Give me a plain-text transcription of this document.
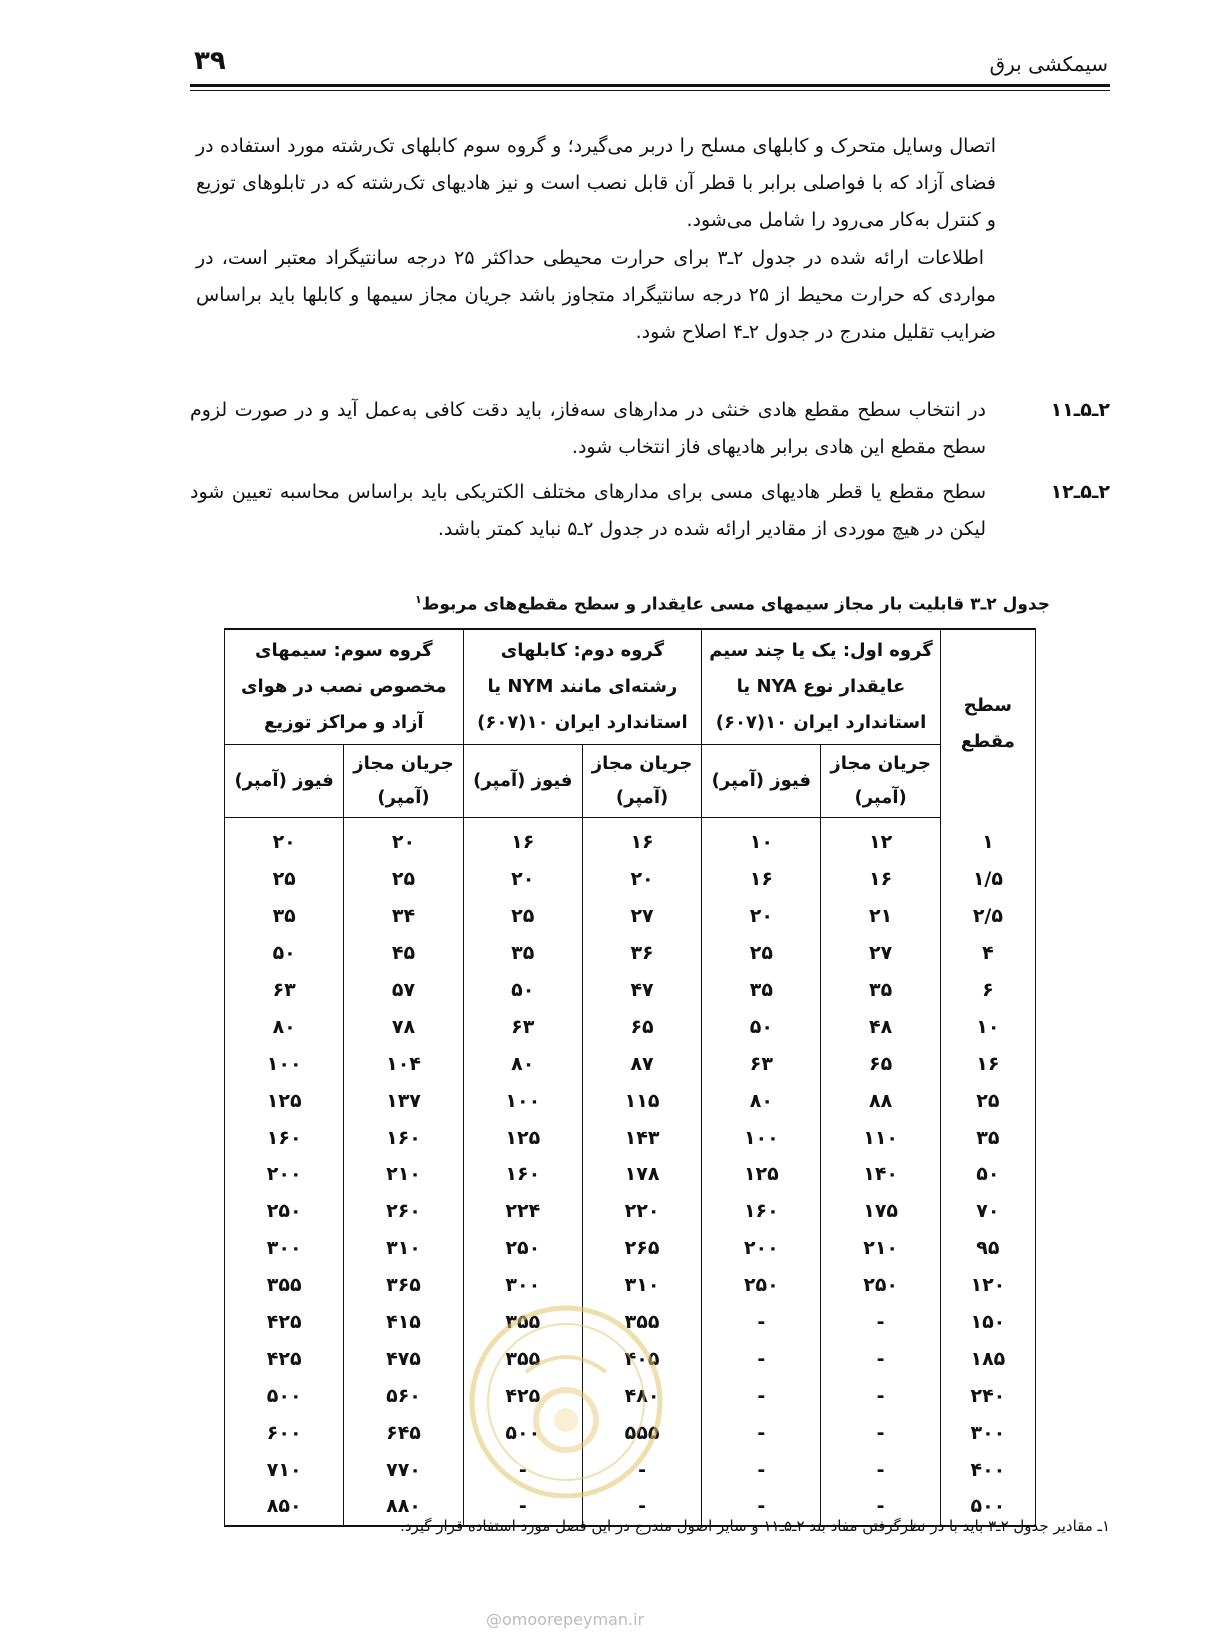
۳۹	سیمکشی برق
اتصال وسایل متحرک و کابلهای مسلح را دربر می‌گیرد؛ و گروه سوم کابلهای تک‌رشته مورد استفاده در فضای آزاد که با فواصلی برابر با قطر آن قابل نصب است و نیز هادیهای تک‌رشته که در تابلوهای توزیع و کنترل به‌کار می‌رود را شامل می‌شود.
اطلاعات ارائه شده در جدول ۲ـ۳ برای حرارت محیطی حداکثر ۲۵ درجه سانتیگراد معتبر است، در مواردی که حرارت محیط از ۲۵ درجه سانتیگراد متجاوز باشد جریان مجاز سیمها و کابلها باید براساس ضرایب تقلیل مندرج در جدول ۲ـ۴ اصلاح شود.
۲ـ۵ـ۱۱
در انتخاب سطح مقطع هادی خنثی در مدارهای سه‌فاز، باید دقت کافی به‌عمل آید و در صورت لزوم سطح مقطع این هادی برابر هادیهای فاز انتخاب شود.
۲ـ۵ـ۱۲
سطح مقطع یا قطر هادیهای مسی برای مدارهای مختلف الکتریکی باید براساس محاسبه تعیین شود لیکن در هیچ موردی از مقادیر ارائه شده در جدول ۲ـ۵ نباید کمتر باشد.
جدول ۲ـ۳ قابلیت بار مجاز سیمهای مسی عایقدار و سطح مقطع‌های مربوط$^۱$
سطح مقطع	گروه اول: یک یا چند سیم عایقدار نوع NYA یا استاندارد ایران ۱۰(۶۰۷)		گروه دوم: کابلهای رشته‌ای مانند NYM یا استاندارد ایران ۱۰(۶۰۷)		گروه سوم: سیمهای مخصوص نصب در هوای آزاد و مراکز توزیع	
	جریان مجاز (آمپر)	فیوز (آمپر)	جریان مجاز (آمپر)	فیوز (آمپر)	جریان مجاز (آمپر)	فیوز (آمپر)
۱	۱۲	۱۰	۱۶	۱۶	۲۰	۲۰
۱/۵	۱۶	۱۶	۲۰	۲۰	۲۵	۲۵
۲/۵	۲۱	۲۰	۲۷	۲۵	۳۴	۳۵
۴	۲۷	۲۵	۳۶	۳۵	۴۵	۵۰
۶	۳۵	۳۵	۴۷	۵۰	۵۷	۶۳
۱۰	۴۸	۵۰	۶۵	۶۳	۷۸	۸۰
۱۶	۶۵	۶۳	۸۷	۸۰	۱۰۴	۱۰۰
۲۵	۸۸	۸۰	۱۱۵	۱۰۰	۱۳۷	۱۲۵
۳۵	۱۱۰	۱۰۰	۱۴۳	۱۲۵	۱۶۰	۱۶۰
۵۰	۱۴۰	۱۲۵	۱۷۸	۱۶۰	۲۱۰	۲۰۰
۷۰	۱۷۵	۱۶۰	۲۲۰	۲۲۴	۲۶۰	۲۵۰
۹۵	۲۱۰	۲۰۰	۲۶۵	۲۵۰	۳۱۰	۳۰۰
۱۲۰	۲۵۰	۲۵۰	۳۱۰	۳۰۰	۳۶۵	۳۵۵
۱۵۰	-	-	۳۵۵	۳۵۵	۴۱۵	۴۲۵
۱۸۵	-	-	۴۰۵	۳۵۵	۴۷۵	۴۲۵
۲۴۰	-	-	۴۸۰	۴۲۵	۵۶۰	۵۰۰
۳۰۰	-	-	۵۵۵	۵۰۰	۶۴۵	۶۰۰
۴۰۰	-	-	-	-	۷۷۰	۷۱۰
۵۰۰	-	-	-	-	۸۸۰	۸۵۰
۱ـ مقادیر جدول ۲ـ۳ باید با در نظرگرفتن مفاد بند ۲ـ۵ـ۱۱ و سایر اصول مندرج در این فصل مورد استفاده قرار گیرد.
@omoorepeyman.ir
